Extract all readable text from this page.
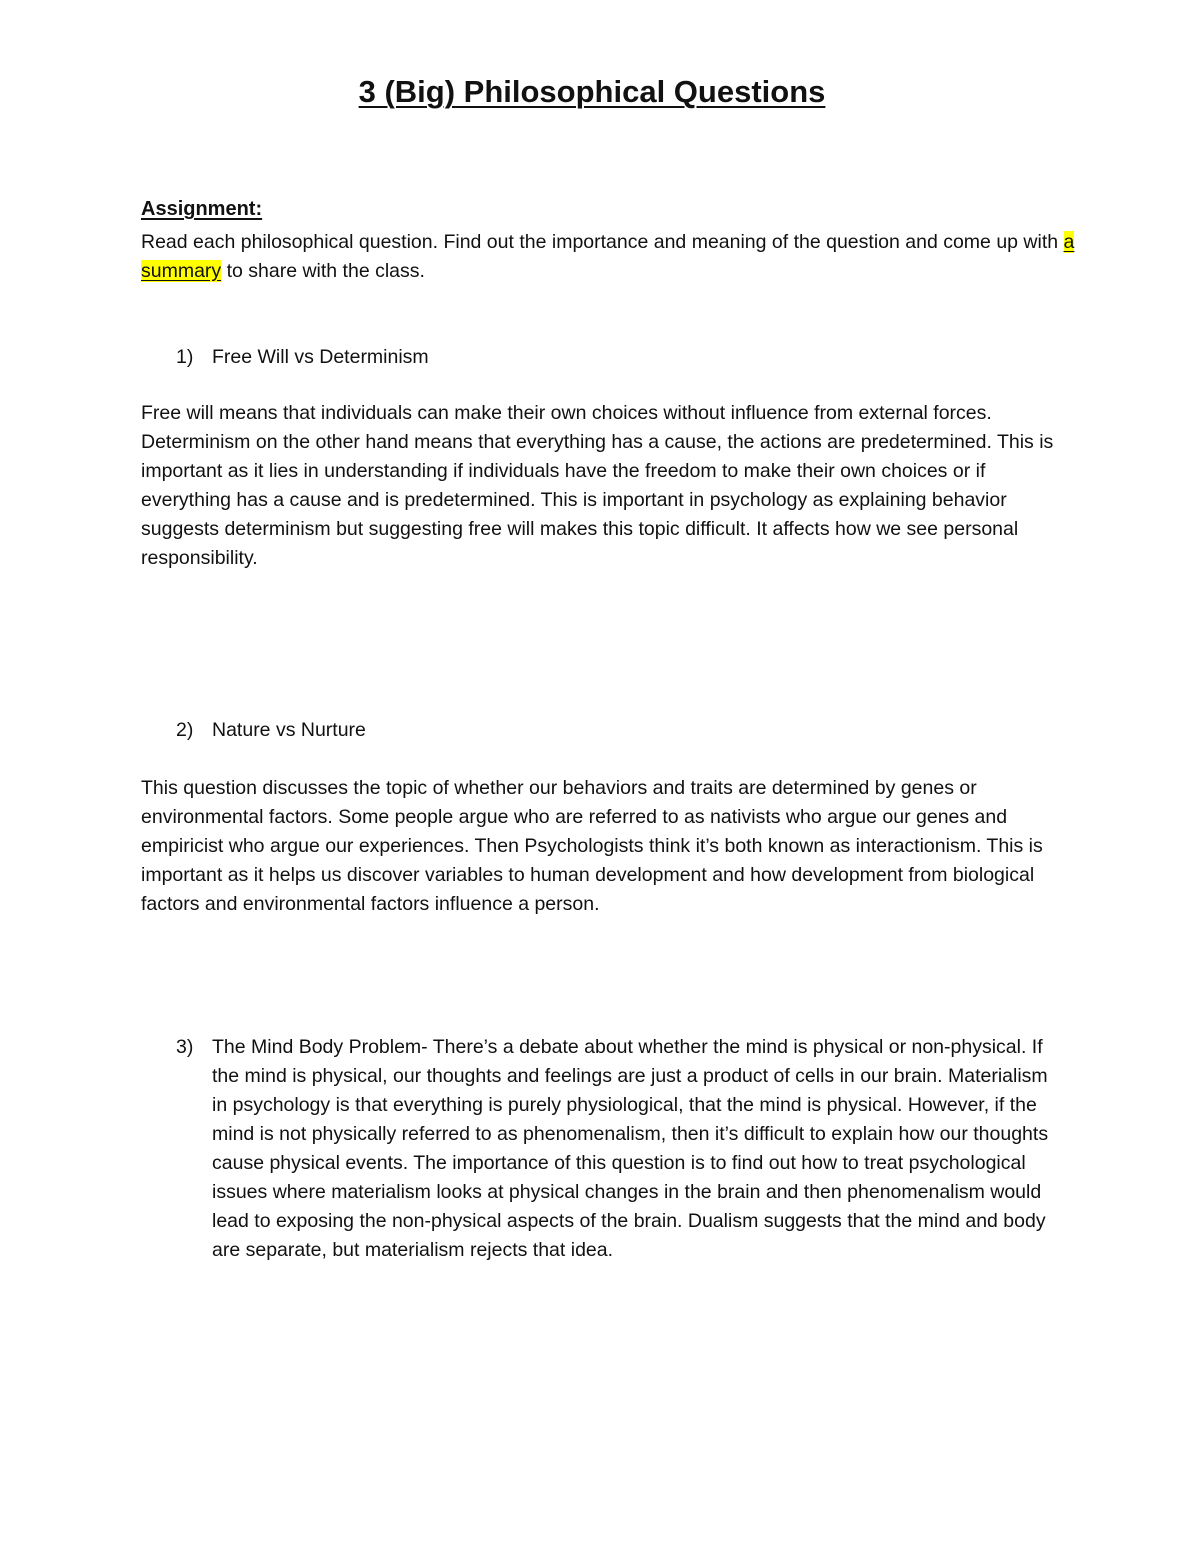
3 (Big) Philosophical Questions
Assignment:
Read each philosophical question. Find out the importance and meaning of the question and come up with a summary to share with the class.
1) Free Will vs Determinism
Free will means that individuals can make their own choices without influence from external forces. Determinism on the other hand means that everything has a cause, the actions are predetermined. This is important as it lies in understanding if individuals have the freedom to make their own choices or if everything has a cause and is predetermined. This is important in psychology as explaining behavior suggests determinism but suggesting free will makes this topic difficult. It affects how we see personal responsibility.
2) Nature vs Nurture
This question discusses the topic of whether our behaviors and traits are determined by genes or environmental factors. Some people argue who are referred to as nativists who argue our genes and empiricist who argue our experiences. Then Psychologists think it’s both known as interactionism. This is important as it helps us discover variables to human development and how development from biological factors and environmental factors influence a person.
3) The Mind Body Problem- There’s a debate about whether the mind is physical or non-physical. If the mind is physical, our thoughts and feelings are just a product of cells in our brain. Materialism in psychology is that everything is purely physiological, that the mind is physical. However, if the mind is not physically referred to as phenomenalism, then it’s difficult to explain how our thoughts cause physical events. The importance of this question is to find out how to treat psychological issues where materialism looks at physical changes in the brain and then phenomenalism would lead to exposing the non-physical aspects of the brain. Dualism suggests that the mind and body are separate, but materialism rejects that idea.
